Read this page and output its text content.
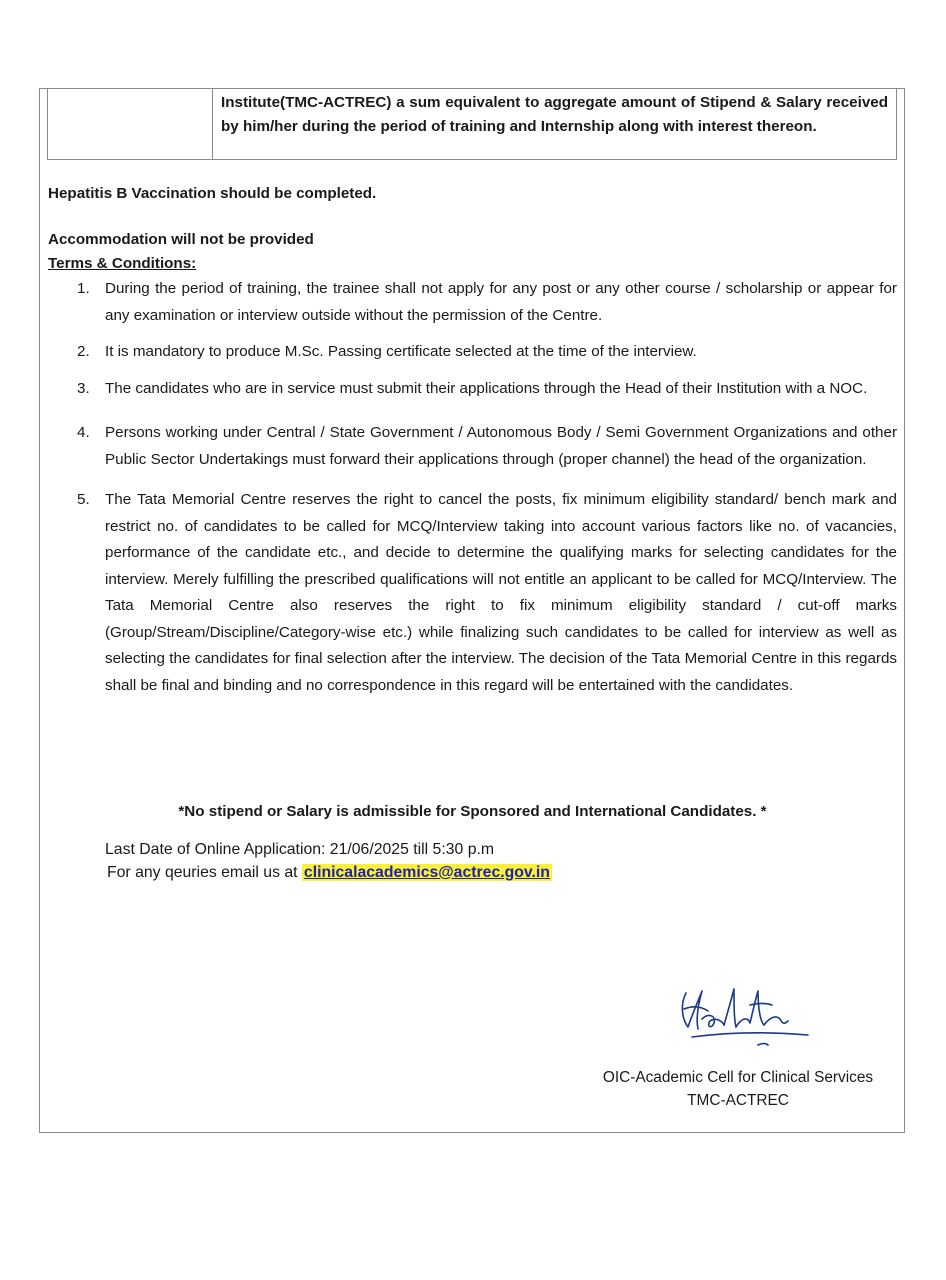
Institute(TMC-ACTREC) a sum equivalent to aggregate amount of Stipend & Salary received by him/her during the period of training and Internship along with interest thereon.
Hepatitis B Vaccination should be completed.
Accommodation will not be provided
Terms & Conditions:
1. During the period of training, the trainee shall not apply for any post or any other course / scholarship or appear for any examination or interview outside without the permission of the Centre.
2. It is mandatory to produce M.Sc. Passing certificate selected at the time of the interview.
3. The candidates who are in service must submit their applications through the Head of their Institution with a NOC.
4. Persons working under Central / State Government / Autonomous Body / Semi Government Organizations and other Public Sector Undertakings must forward their applications through (proper channel) the head of the organization.
5. The Tata Memorial Centre reserves the right to cancel the posts, fix minimum eligibility standard/ bench mark and restrict no. of candidates to be called for MCQ/Interview taking into account various factors like no. of vacancies, performance of the candidate etc., and decide to determine the qualifying marks for selecting candidates for the interview. Merely fulfilling the prescribed qualifications will not entitle an applicant to be called for MCQ/Interview. The Tata Memorial Centre also reserves the right to fix minimum eligibility standard / cut-off marks (Group/Stream/Discipline/Category-wise etc.) while finalizing such candidates to be called for interview as well as selecting the candidates for final selection after the interview. The decision of the Tata Memorial Centre in this regards shall be final and binding and no correspondence in this regard will be entertained with the candidates.
*No stipend or Salary is admissible for Sponsored and International Candidates. *
Last Date of Online Application: 21/06/2025 till 5:30 p.m
For any qeuries email us at clinicalacademics@actrec.gov.in
OIC-Academic Cell for Clinical Services
TMC-ACTREC
